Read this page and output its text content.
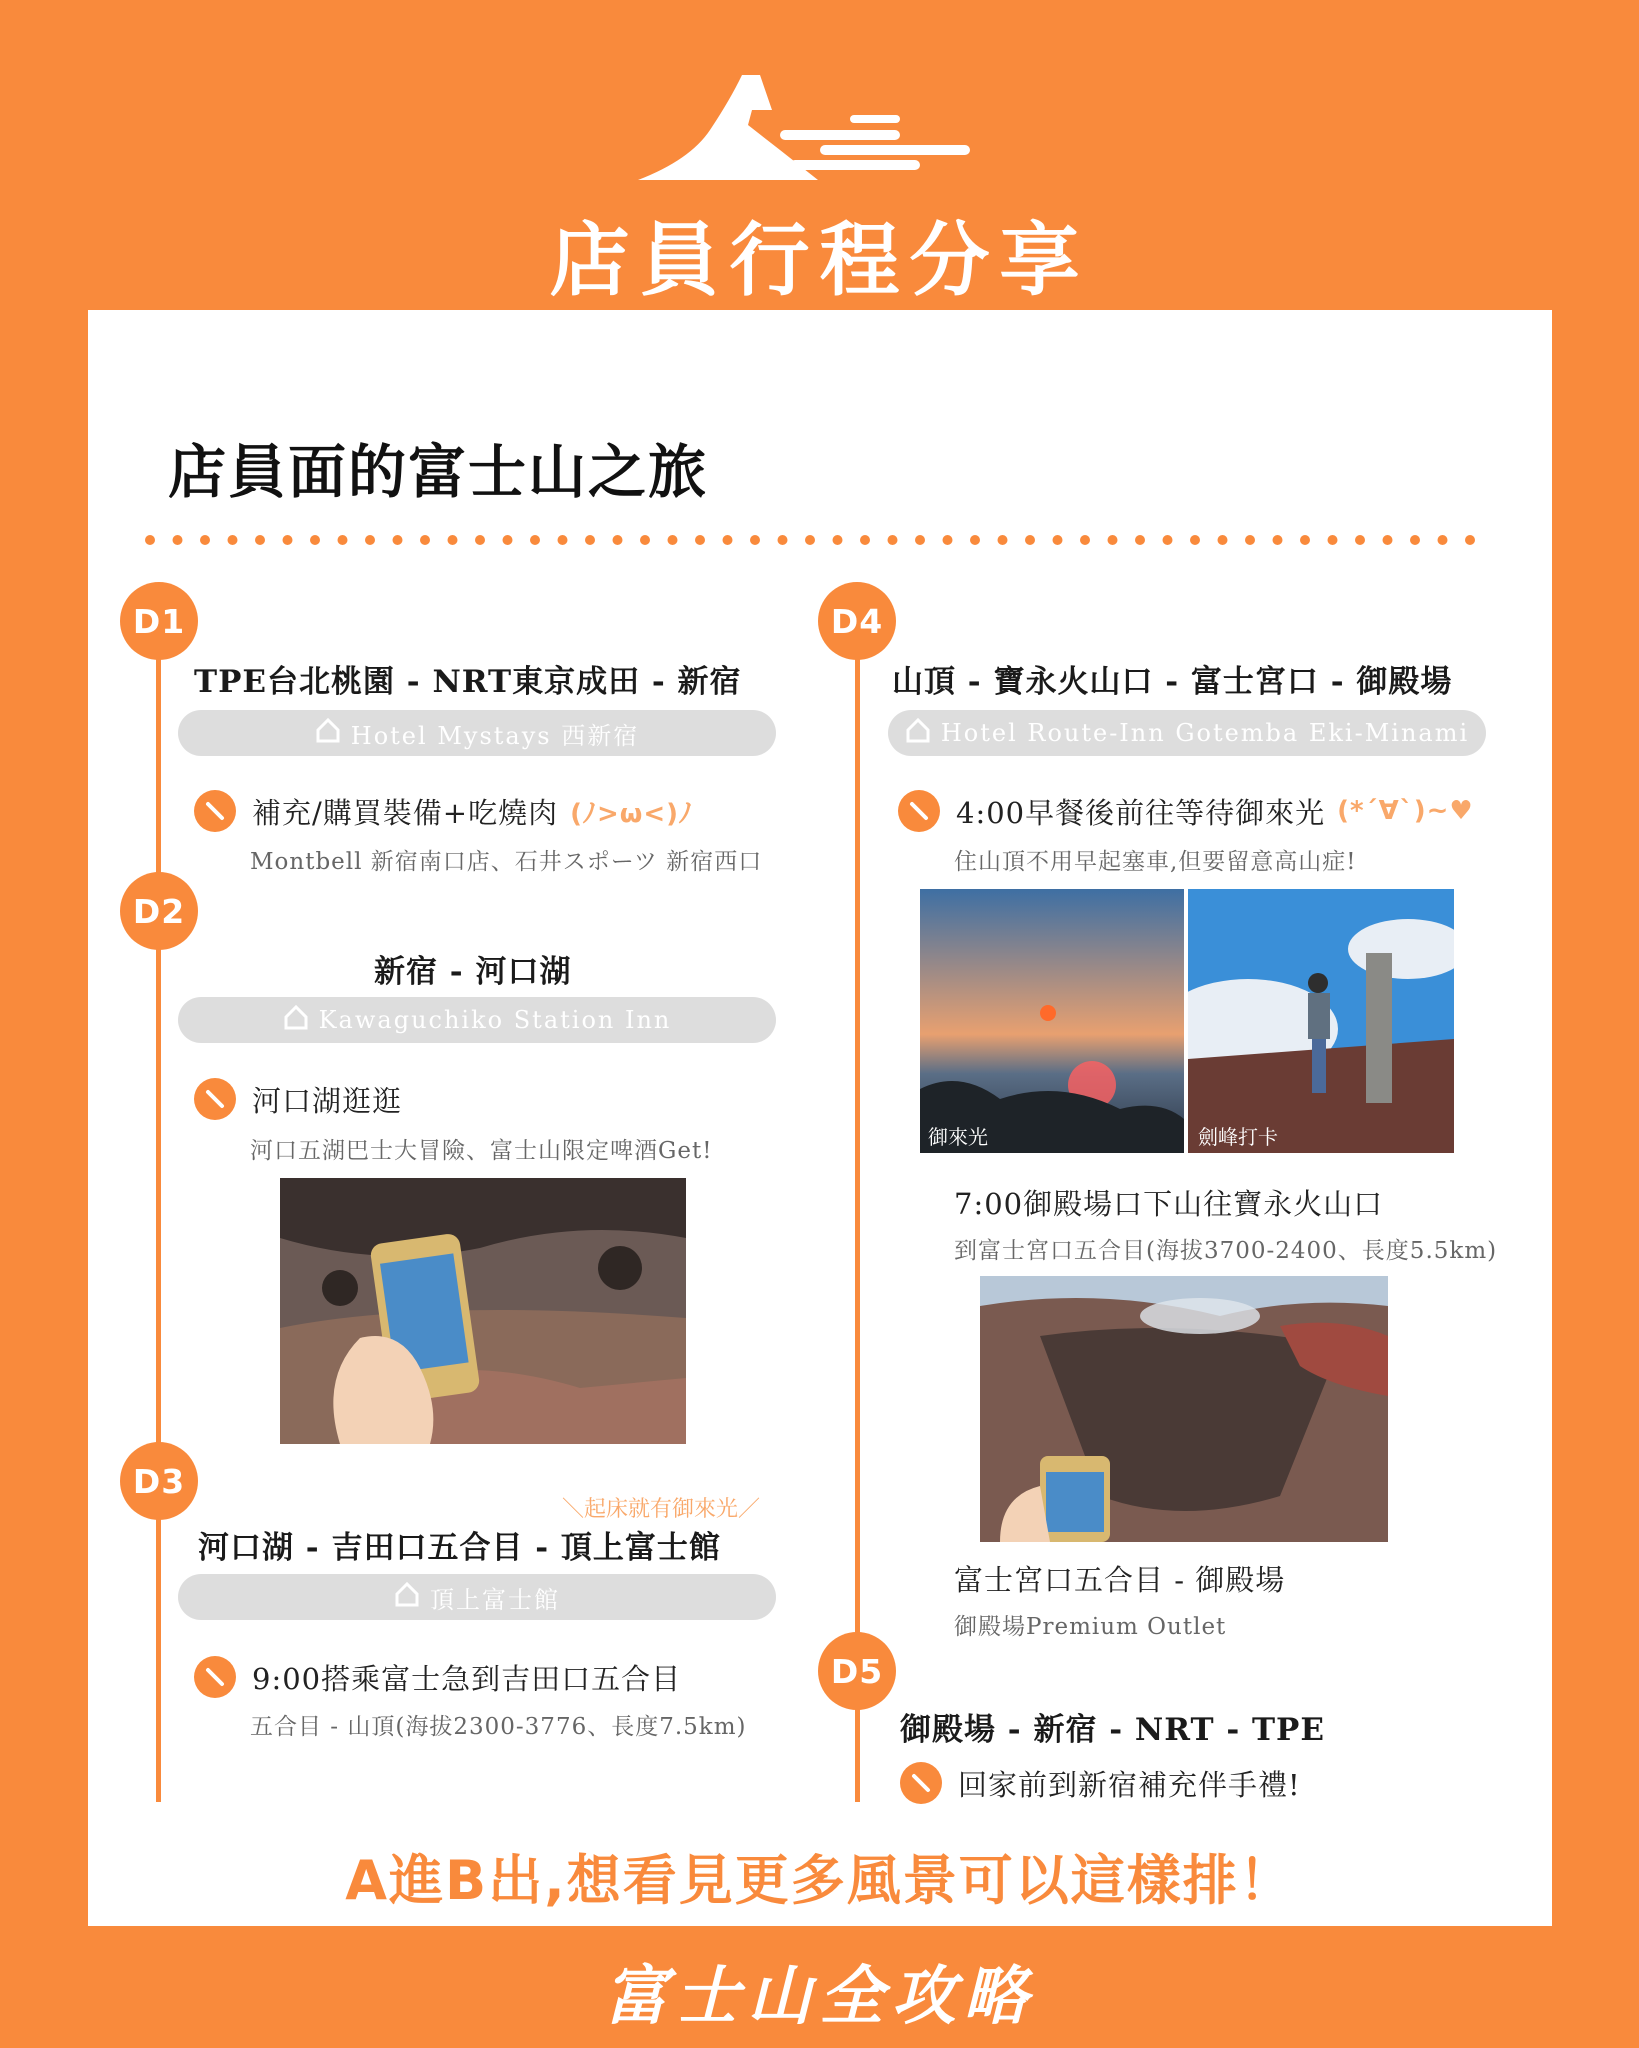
店員行程分享
店員面的富士山之旅
D1
TPE台北桃園 - NRT東京成田 - 新宿
Hotel Mystays 西新宿
補充/購買裝備+吃燒肉 (ﾉ>ω<)ﾉ
Montbell 新宿南口店、石井スポーツ 新宿西口
D2
新宿 - 河口湖
Kawaguchiko Station Inn
河口湖逛逛
河口五湖巴士大冒險、富士山限定啤酒Get!
D3
＼起床就有御來光／
河口湖 - 吉田口五合目 - 頂上富士館
頂上富士館
9:00搭乘富士急到吉田口五合目
五合目 - 山頂(海拔2300-3776、長度7.5km)
D4
山頂 - 寶永火山口 - 富士宮口 - 御殿場
Hotel Route-Inn Gotemba Eki-Minami
4:00早餐後前往等待御來光 (*´∀`)~♥
住山頂不用早起塞車,但要留意高山症!
御來光	劍峰打卡
7:00御殿場口下山往寶永火山口
到富士宮口五合目(海拔3700-2400、長度5.5km)
富士宮口五合目 - 御殿場
御殿場Premium Outlet
D5
御殿場 - 新宿 - NRT - TPE
回家前到新宿補充伴手禮!
A進B出,想看見更多風景可以這樣排！
富士山全攻略
